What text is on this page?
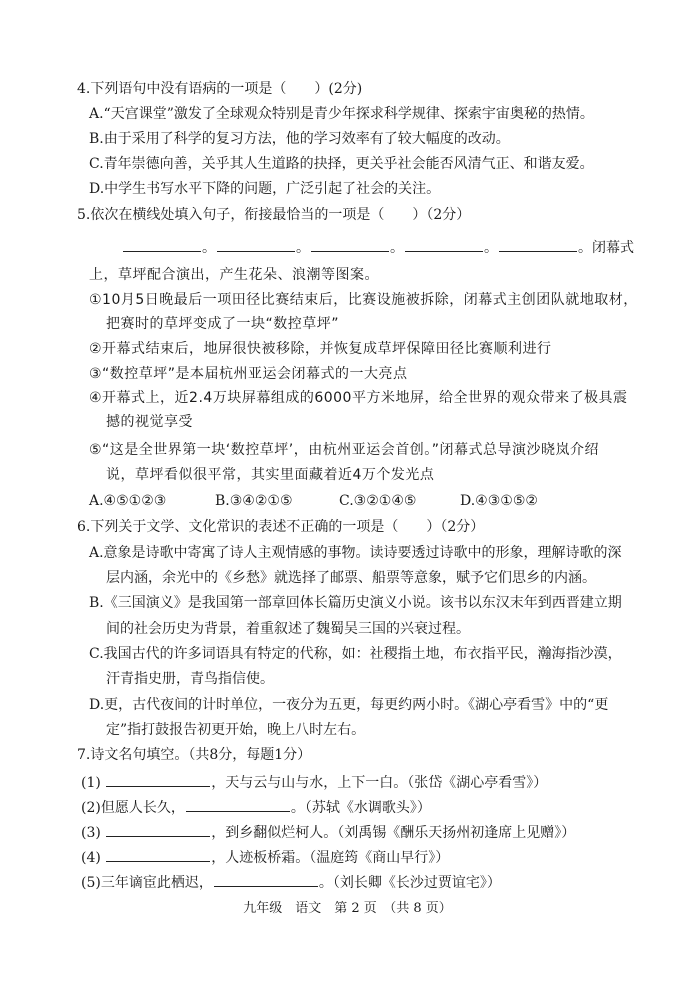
4.下列语句中没有语病的一项是（　　）(2分)
A.“天宫课堂”激发了全球观众特别是青少年探求科学规律、探索宇宙奥秘的热情。
B.由于采用了科学的复习方法，他的学习效率有了较大幅度的改动。
C.青年崇德向善，关乎其人生道路的抉择，更关乎社会能否风清气正、和谐友爱。
D.中学生书写水平下降的问题，广泛引起了社会的关注。
5.依次在横线处填入句子，衔接最恰当的一项是（　　）（2分）
。	。	。	。	。闭幕式
上，草坪配合演出，产生花朵、浪潮等图案。
①10月5日晚最后一项田径比赛结束后，比赛设施被拆除，闭幕式主创团队就地取材，
把赛时的草坪变成了一块“数控草坪”
②开幕式结束后，地屏很快被移除，并恢复成草坪保障田径比赛顺利进行
③“数控草坪”是本届杭州亚运会闭幕式的一大亮点
④开幕式上，近2.4万块屏幕组成的6000平方米地屏，给全世界的观众带来了极具震
撼的视觉享受
⑤“这是全世界第一块‘数控草坪’，由杭州亚运会首创。”闭幕式总导演沙晓岚介绍
说，草坪看似很平常，其实里面藏着近4万个发光点
A.④⑤①②③	B.③④②①⑤	C.③②①④⑤	D.④③①⑤②
6.下列关于文学、文化常识的表述不正确的一项是（　　）（2分）
A.意象是诗歌中寄寓了诗人主观情感的事物。读诗要透过诗歌中的形象，理解诗歌的深
层内涵，余光中的《乡愁》就选择了邮票、船票等意象，赋予它们思乡的内涵。
B.《三国演义》是我国第一部章回体长篇历史演义小说。该书以东汉末年到西晋建立期
间的社会历史为背景，着重叙述了魏蜀吴三国的兴衰过程。
C.我国古代的许多词语具有特定的代称，如：社稷指土地，布衣指平民，瀚海指沙漠，
汗青指史册，青鸟指信使。
D.更，古代夜间的计时单位，一夜分为五更，每更约两小时。《湖心亭看雪》中的“更
定”指打鼓报告初更开始，晚上八时左右。
7.诗文名句填空。（共8分，每题1分）
(1)	，天与云与山与水，上下一白。（张岱《湖心亭看雪》）
(2)但愿人长久，	。（苏轼《水调歌头》）
(3)	，到乡翻似烂柯人。（刘禹锡《酬乐天扬州初逢席上见赠》）
(4)	，人迹板桥霜。（温庭筠《商山早行》）
(5)三年谪宦此栖迟，	。（刘长卿《长沙过贾谊宅》）
九年级　语文　第 2 页　（共 8 页）
